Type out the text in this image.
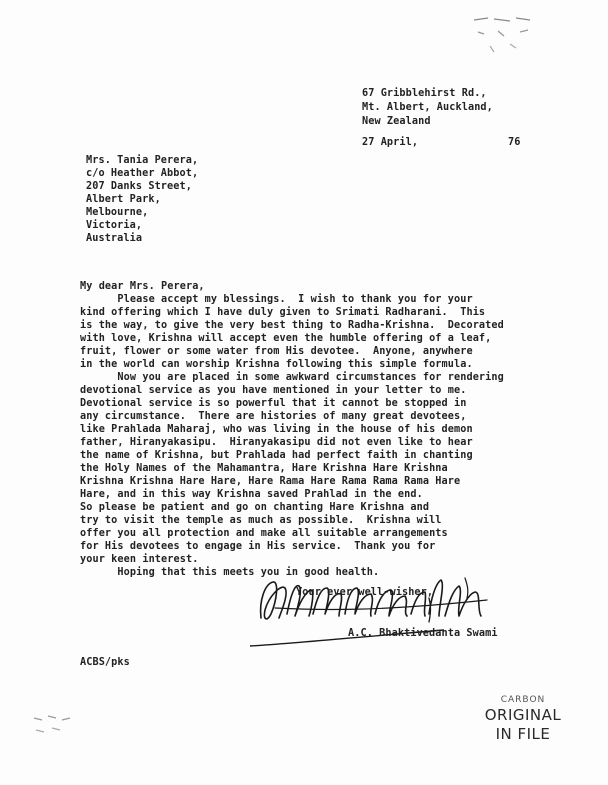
67 Gribblehirst Rd.,
Mt. Albert, Auckland,
New Zealand
27 April,	76
Mrs. Tania Perera,
c/o Heather Abbot,
207 Danks Street,
Albert Park,
Melbourne,
Victoria,
Australia
My dear Mrs. Perera,
Please accept my blessings.  I wish to thank you for your
kind offering which I have duly given to Srimati Radharani.  This
is the way, to give the very best thing to Radha-Krishna.  Decorated
with love, Krishna will accept even the humble offering of a leaf,
fruit, flower or some water from His devotee.  Anyone, anywhere
in the world can worship Krishna following this simple formula.
Now you are placed in some awkward circumstances for rendering
devotional service as you have mentioned in your letter to me.
Devotional service is so powerful that it cannot be stopped in
any circumstance.  There are histories of many great devotees,
like Prahlada Maharaj, who was living in the house of his demon
father, Hiranyakasipu.  Hiranyakasipu did not even like to hear
the name of Krishna, but Prahlada had perfect faith in chanting
the Holy Names of the Mahamantra, Hare Krishna Hare Krishna
Krishna Krishna Hare Hare, Hare Rama Hare Rama Rama Rama Hare
Hare, and in this way Krishna saved Prahlad in the end.
So please be patient and go on chanting Hare Krishna and
try to visit the temple as much as possible.  Krishna will
offer you all protection and make all suitable arrangements
for His devotees to engage in His service.  Thank you for
your keen interest.
Hoping that this meets you in good health.
Your ever well-wisher,
A.C. Bhaktivedanta Swami
ACBS/pks
CARBON
ORIGINAL
IN FILE
